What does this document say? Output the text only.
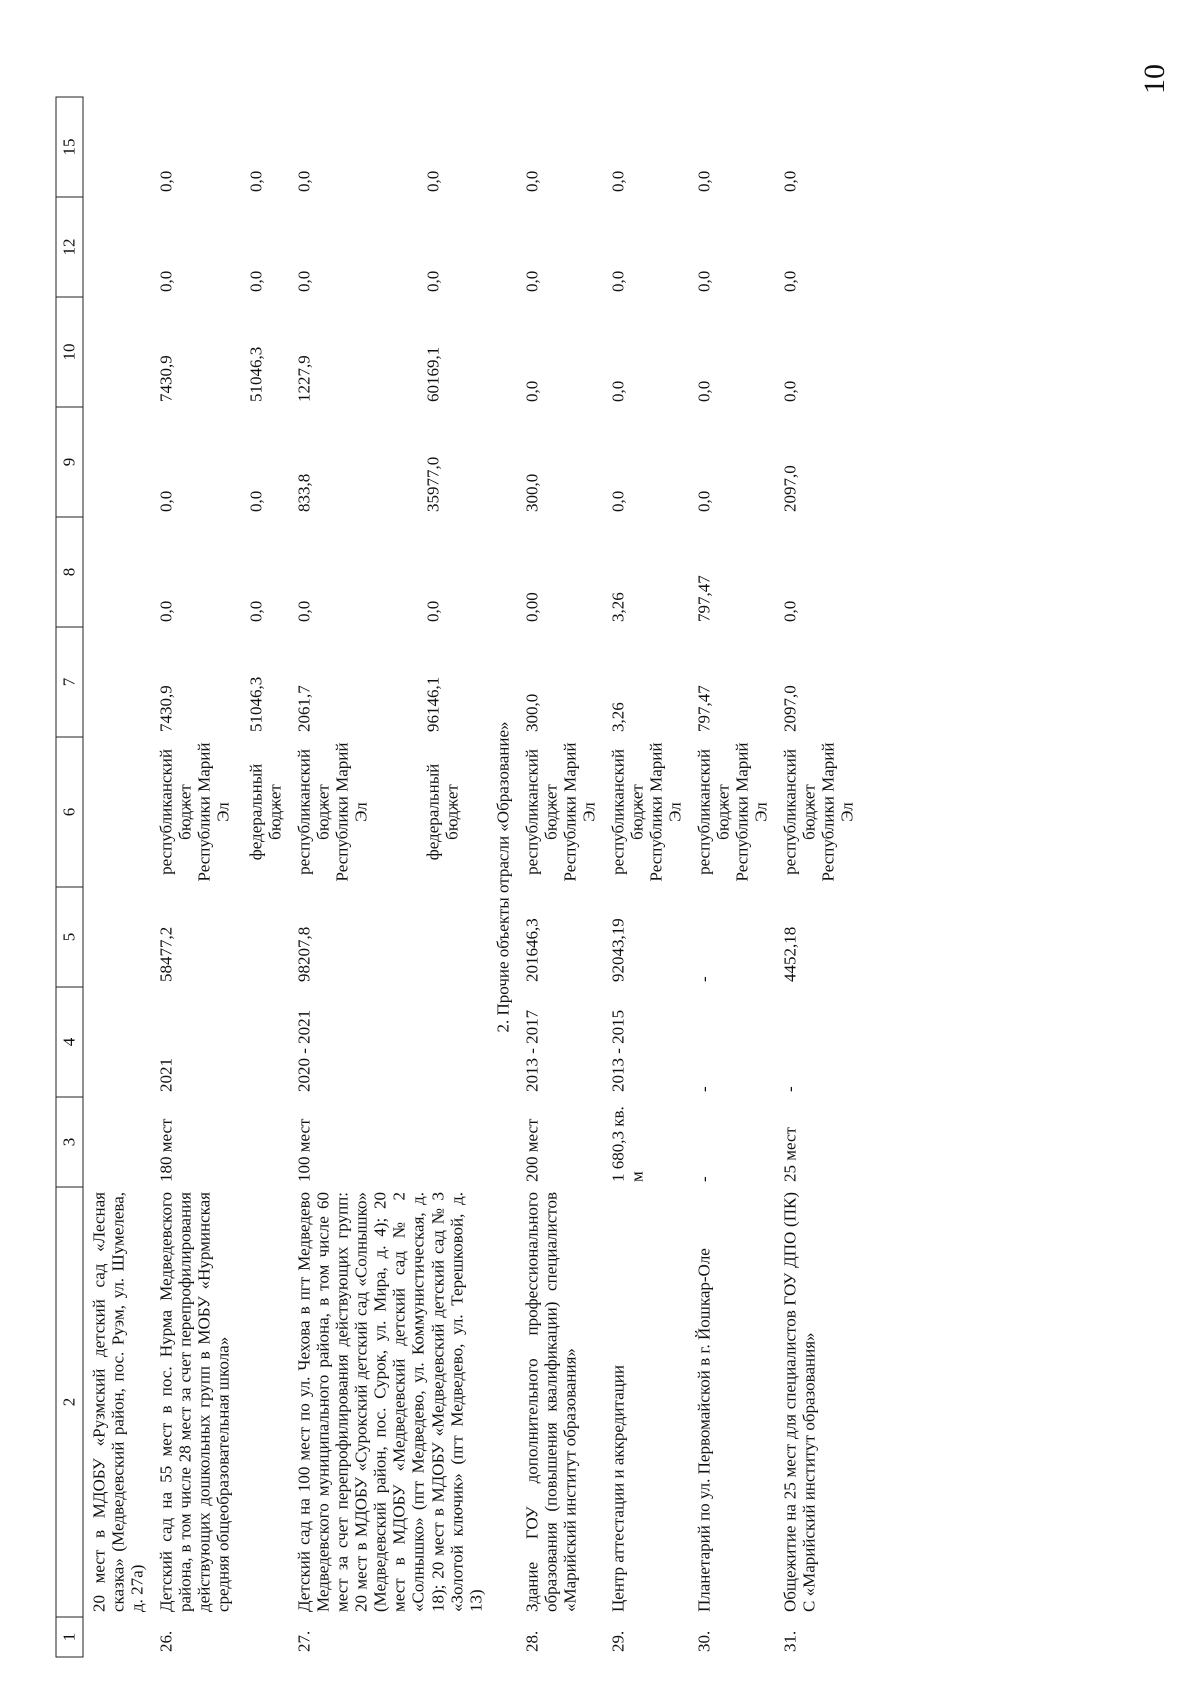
10
1	2	3	4	5	6	7	8	9	10	12	15
	20 мест в МДОБУ «Рузмский детский сад «Лесная сказка» (Медведевский район, пос. Руэм, ул. Шумелева, д. 27а)										
26.	Детский сад на 55 мест в пос. Нурма Медведевского района, в том числе 28 мест за счет перепрофилирования действующих дошкольных групп в МОБУ «Нурминская средняя общеобразовательная школа»	180 мест	2021	58477,2	республиканский бюджет Республики Марий Эл	7430,9	0,0	0,0	7430,9	0,0	0,0
					федеральный бюджет	51046,3	0,0	0,0	51046,3	0,0	0,0
27.	Детский сад на 100 мест по ул. Чехова в пгт Медведево Медведевского муниципального района, в том числе 60 мест за счет перепрофилирования действующих групп: 20 мест в МДОБУ «Сурокский детский сад «Солнышко» (Медведевский район, пос. Сурок, ул. Мира, д. 4); 20 мест в МДОБУ «Медведевский детский сад № 2 «Солнышко» (пгт Медведево, ул. Коммунистическая, д. 18); 20 мест в МДОБУ «Медведевский детский сад № 3 «Золотой ключик» (пгт Медведево, ул. Терешковой, д. 13)	100 мест	2020 - 2021	98207,8	республиканский бюджет Республики Марий Эл	2061,7	0,0	833,8	1227,9	0,0	0,0
					федеральный бюджет	96146,1	0,0	35977,0	60169,1	0,0	0,0
2. Прочие объекты отрасли «Образование»											
28.	Здание ГОУ дополнительного профессионального образования (повышения квалификации) специалистов «Марийский институт образования»	200 мест	2013 - 2017	201646,3	республиканский бюджет Республики Марий Эл	300,0	0,00	300,0	0,0	0,0	0,0
29.	Центр аттестации и аккредитации	1 680,3 кв. м	2013 - 2015	92043,19	республиканский бюджет Республики Марий Эл	3,26	3,26	0,0	0,0	0,0	0,0
30.	Планетарий по ул. Первомайской в г. Йошкар-Оле	-	-	-	республиканский бюджет Республики Марий Эл	797,47	797,47	0,0	0,0	0,0	0,0
31.	Общежитие на 25 мест для специалистов ГОУ ДПО (ПК) С «Марийский институт образования»	25 мест	-	4452,18	республиканский бюджет Республики Марий Эл	2097,0	0,0	2097,0	0,0	0,0	0,0
